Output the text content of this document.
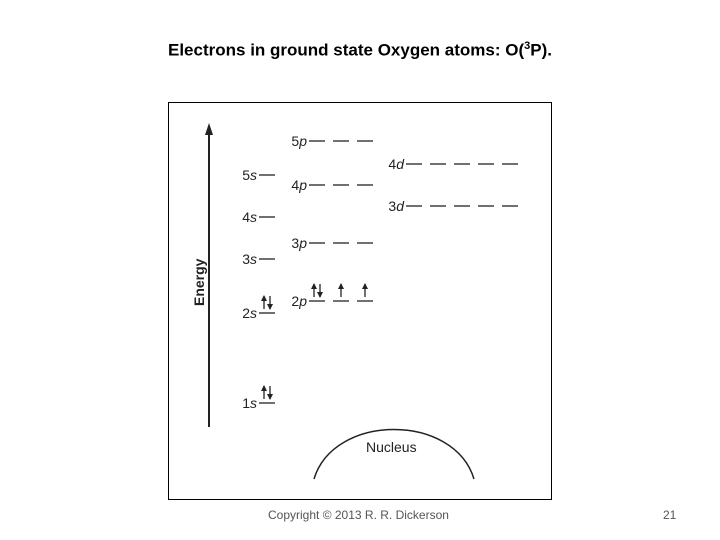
Electrons in ground state Oxygen atoms: O($^3$P).
Energy
Nucleus
5p
4d
5s
4p
3d
4s
3p
3s
2p
2s
1s
Copyright © 2013 R. R. Dickerson	21
